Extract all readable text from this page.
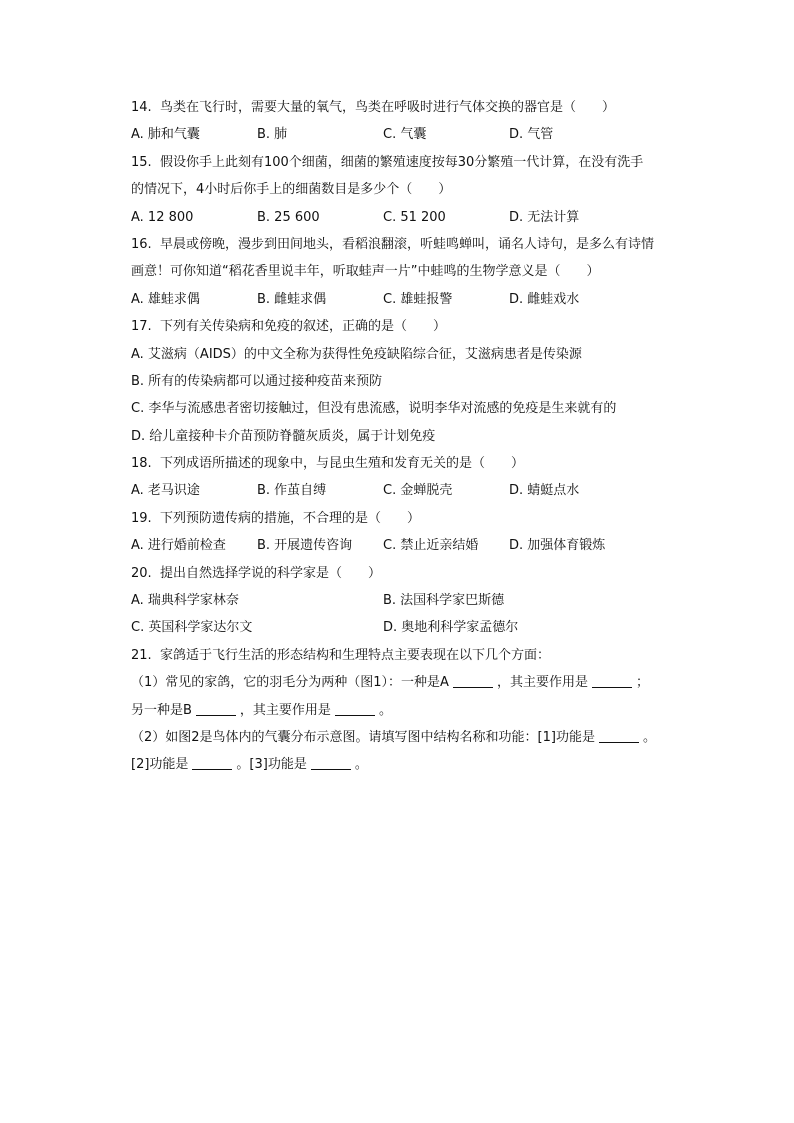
14. 鸟类在飞行时，需要大量的氧气，鸟类在呼吸时进行气体交换的器官是（　　）
A. 肺和气囊	B. 肺	C. 气囊	D. 气管
15. 假设你手上此刻有100个细菌，细菌的繁殖速度按每30分繁殖一代计算，在没有洗手
的情况下，4小时后你手上的细菌数目是多少个（　　）
A. 12 800	B. 25 600	C. 51 200	D. 无法计算
16. 早晨或傍晚，漫步到田间地头，看稻浪翻滚，听蛙鸣蝉叫，诵名人诗句，是多么有诗情
画意！可你知道“稻花香里说丰年，听取蛙声一片”中蛙鸣的生物学意义是（　　）
A. 雄蛙求偶	B. 雌蛙求偶	C. 雄蛙报警	D. 雌蛙戏水
17. 下列有关传染病和免疫的叙述，正确的是（　　）
A. 艾滋病（AIDS）的中文全称为获得性免疫缺陷综合征，艾滋病患者是传染源
B. 所有的传染病都可以通过接种疫苗来预防
C. 李华与流感患者密切接触过，但没有患流感，说明李华对流感的免疫是生来就有的
D. 给儿童接种卡介苗预防脊髓灰质炎，属于计划免疫
18. 下列成语所描述的现象中，与昆虫生殖和发育无关的是（　　）
A. 老马识途	B. 作茧自缚	C. 金蝉脱壳	D. 蜻蜓点水
19. 下列预防遗传病的措施，不合理的是（　　）
A. 进行婚前检查 B. 开展遗传咨询 C. 禁止近亲结婚 D. 加强体育锻炼
20. 提出自然选择学说的科学家是（　　）
A. 瑞典科学家林奈	B. 法国科学家巴斯德
C. 英国科学家达尔文	D. 奥地利科学家孟德尔
21. 家鸽适于飞行生活的形态结构和生理特点主要表现在以下几个方面：
（1）常见的家鸽，它的羽毛分为两种（图1）：一种是A	，其主要作用是	；
另一种是B	，其主要作用是	。
（2）如图2是鸟体内的气囊分布示意图。请填写图中结构名称和功能：[1]功能是	。
[2]功能是	。[3]功能是	。
